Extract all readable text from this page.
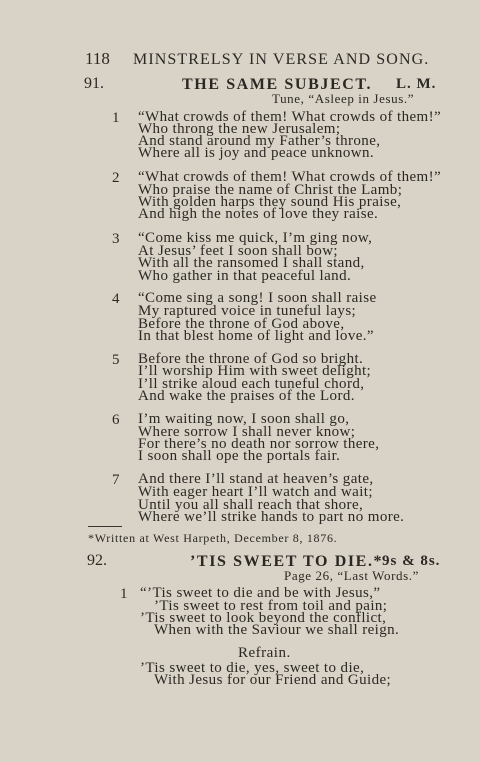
118 MINSTRELSY IN VERSE AND SONG.
91.	THE SAME SUBJECT. L. M.
Tune, “Asleep in Jesus.”
1 “What crowds of them! What crowds of them!”
Who throng the new Jerusalem;
And stand around my Father’s throne,
Where all is joy and peace unknown.
2 “What crowds of them! What crowds of them!”
Who praise the name of Christ the Lamb;
With golden harps they sound His praise,
And high the notes of love they raise.
3 “Come kiss me quick, I’m ging now,
At Jesus’ feet I soon shall bow;
With all the ransomed I shall stand,
Who gather in that peaceful land.
4 “Come sing a song! I soon shall raise
My raptured voice in tuneful lays;
Before the throne of God above,
In that blest home of light and love.”
5 Before the throne of God so bright.
I’ll worship Him with sweet delight;
I’ll strike aloud each tuneful chord,
And wake the praises of the Lord.
6 I’m waiting now, I soon shall go,
Where sorrow I shall never know;
For there’s no death nor sorrow there,
I soon shall ope the portals fair.
7 And there I’ll stand at heaven’s gate,
With eager heart I’ll watch and wait;
Until you all shall reach that shore,
Where we’ll strike hands to part no more.
*Written at West Harpeth, December 8, 1876.
92.	’TIS SWEET TO DIE.*
9s & 8s.
Page 26, “Last Words.”
1 “’Tis sweet to die and be with Jesus,”
’Tis sweet to rest from toil and pain;
’Tis sweet to look beyond the conflict,
When with the Saviour we shall reign.
Refrain.
’Tis sweet to die, yes, sweet to die,
With Jesus for our Friend and Guide;
